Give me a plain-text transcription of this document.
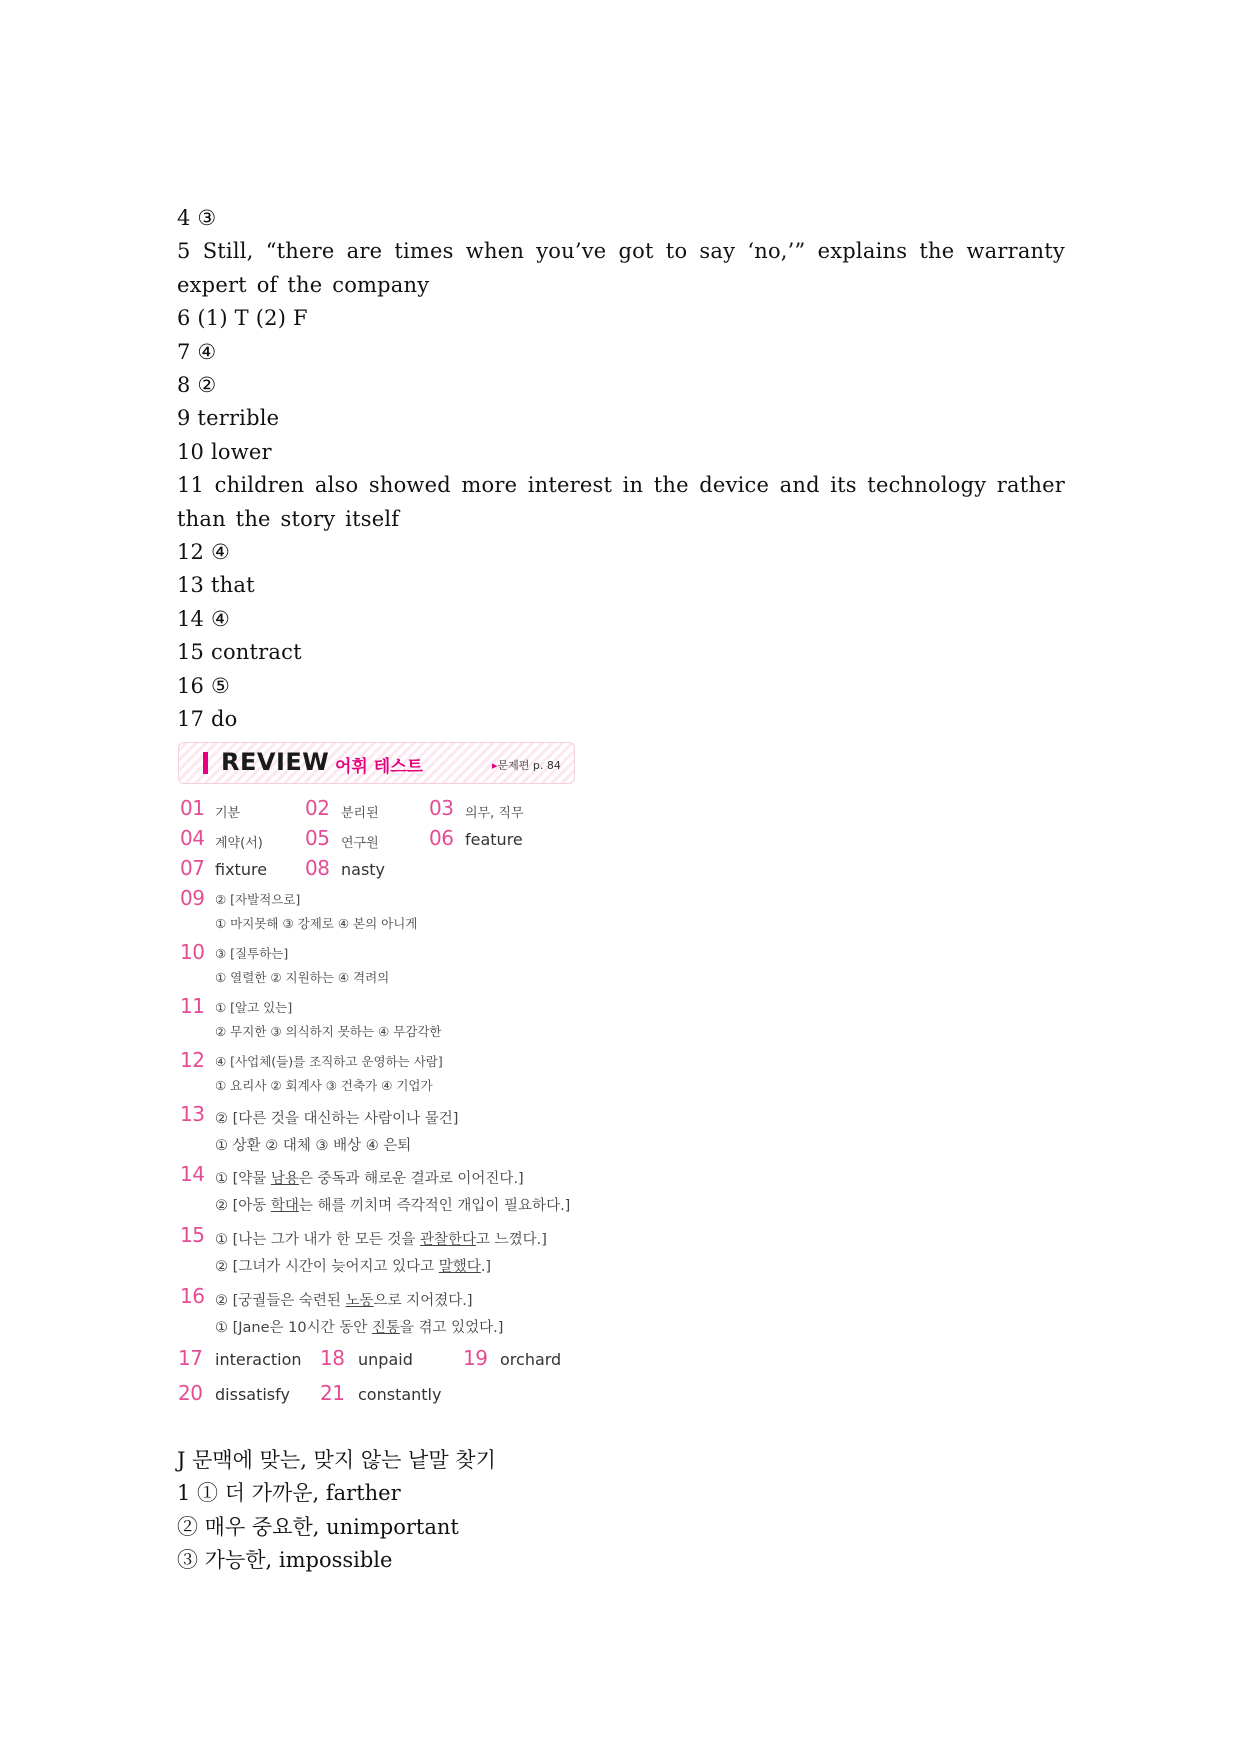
4 ③
5 Still, “there are times when you’ve got to say ‘no,’” explains the warranty expert of the company
6 (1) T (2) F
7 ④
8 ②
9 terrible
10 lower
11 children also showed more interest in the device and its technology rather than the story itself
12 ④
13 that
14 ④
15 contract
16 ⑤
17 do
REVIEW 어휘 테스트	▸문제편 p. 84
01 기분	02 분리된	03 의무, 직무
04 계약(서) 05 연구원	06 feature
07 fixture 08 nasty
09 ② [자발적으로]
① 마지못해 ③ 강제로 ④ 본의 아니게
10 ③ [질투하는]
① 열렬한 ② 지원하는 ④ 격려의
11 ① [알고 있는]
② 무지한 ③ 의식하지 못하는 ④ 무감각한
12 ④ [사업체(들)를 조직하고 운영하는 사람]
① 요리사 ② 회계사 ③ 건축가 ④ 기업가
13 ② [다른 것을 대신하는 사람이나 물건]
① 상환 ② 대체 ③ 배상 ④ 은퇴
14 ① [약물 남용은 중독과 해로운 결과로 이어진다.]
② [아동 학대는 해를 끼치며 즉각적인 개입이 필요하다.]
15 ① [나는 그가 내가 한 모든 것을 관찰한다고 느꼈다.]
② [그녀가 시간이 늦어지고 있다고 말했다.]
16 ② [궁궐들은 숙련된 노동으로 지어졌다.]
① [Jane은 10시간 동안 진통을 겪고 있었다.]
17 interaction 18 unpaid	19 orchard
20 dissatisfy 21 constantly
J 문맥에 맞는, 맞지 않는 낱말 찾기
1 ① 더 가까운, farther
② 매우 중요한, unimportant
③ 가능한, impossible
